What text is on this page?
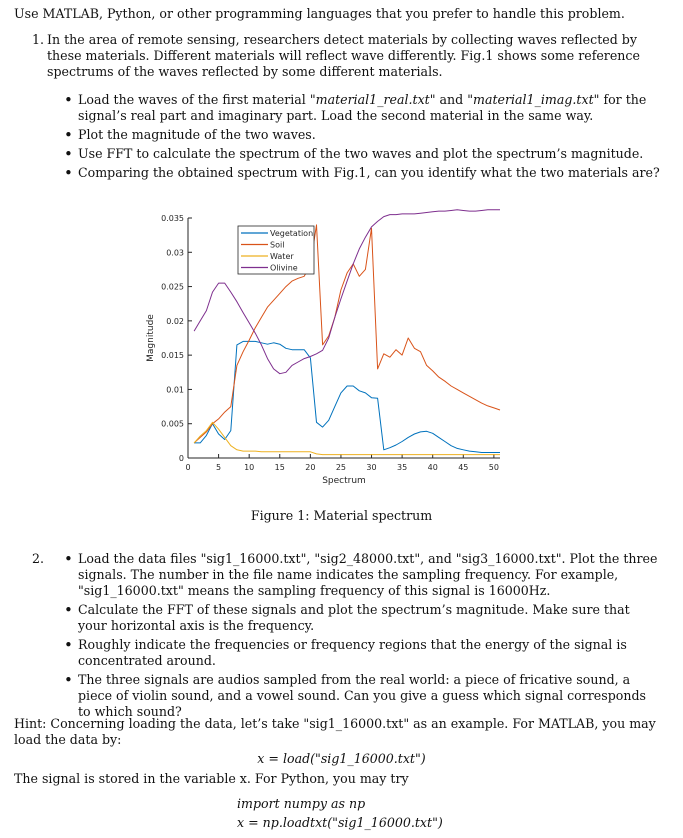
Use MATLAB, Python, or other programming languages that you prefer to handle this problem.

1. In the area of remote sensing, researchers detect materials by collecting waves reflected by these materials. Different materials will reflect wave differently. Fig.1 shows some reference spectrums of the waves reflected by some different materials.

• Load the waves of the first material "material1_real.txt" and "material1_imag.txt" for the signal’s real part and imaginary part. Load the second material in the same way.
• Plot the magnitude of the two waves.
• Use FFT to calculate the spectrum of the two waves and plot the spectrum’s magnitude.
• Comparing the obtained spectrum with Fig.1, can you identify what the two materials are?
0
0.005
0.01
0.015
0.02
0.025
0.03
0.035
0	5	10	15	20	25	30	35	40	45	50
Spectrum
Magnitude
Vegetation
Soil
Water
Olivine

Figure 1: Material spectrum

2.
•	Load the data files "sig1_16000.txt", "sig2_48000.txt", and "sig3_16000.txt". Plot the three signals. The number in the file name indicates the sampling frequency. For example, "sig1_16000.txt" means the sampling frequency of this signal is 16000Hz.
• Calculate the FFT of these signals and plot the spectrum’s magnitude. Make sure that your horizontal axis is the frequency.
• Roughly indicate the frequencies or frequency regions that the energy of the signal is concentrated around.
• The three signals are audios sampled from the real world: a piece of fricative sound, a piece of violin sound, and a vowel sound. Can you give a guess which signal corresponds to which sound?

Hint: Concerning loading the data, let’s take "sig1_16000.txt" as an example. For MATLAB, you may load the data by:

x = load("sig1_16000.txt")

The signal is stored in the variable x. For Python, you may try

import numpy as np

x = np.loadtxt("sig1_16000.txt")
